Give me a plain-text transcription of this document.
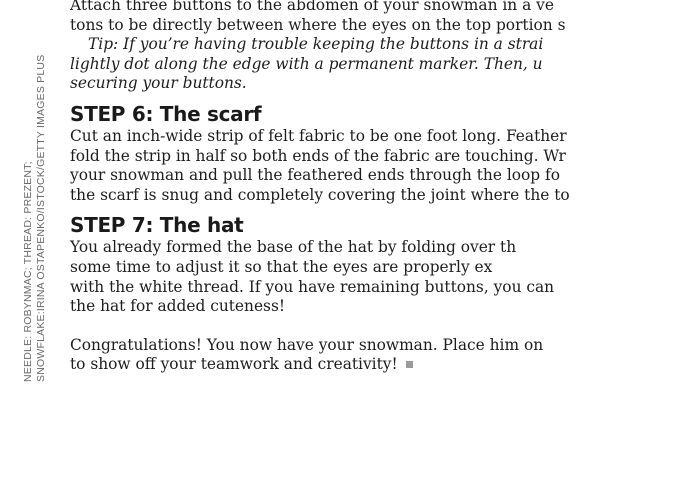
NEEDLE: ROBYNMAC; THREAD: PREZENT; SNOWFLAKE:IRINA OSTAPENKO/ISTOCK/GETTY IMAGES PLUS
Attach three buttons to the abdomen of your snowman in a ve
tons to be directly between where the eyes on the top portion s
Tip: If you’re having trouble keeping the buttons in a strai
lightly dot along the edge with a permanent marker. Then, u
securing your buttons.
STEP 6: The scarf
Cut an inch-wide strip of felt fabric to be one foot long. Feather
fold the strip in half so both ends of the fabric are touching. Wr
your snowman and pull the feathered ends through the loop fo
the scarf is snug and completely covering the joint where the to
STEP 7: The hat
You already formed the base of the hat by folding over th
some time to adjust it so that the eyes are properly ex
with the white thread. If you have remaining buttons, you can
the hat for added cuteness!
Congratulations! You now have your snowman. Place him on
to show off your teamwork and creativity!
